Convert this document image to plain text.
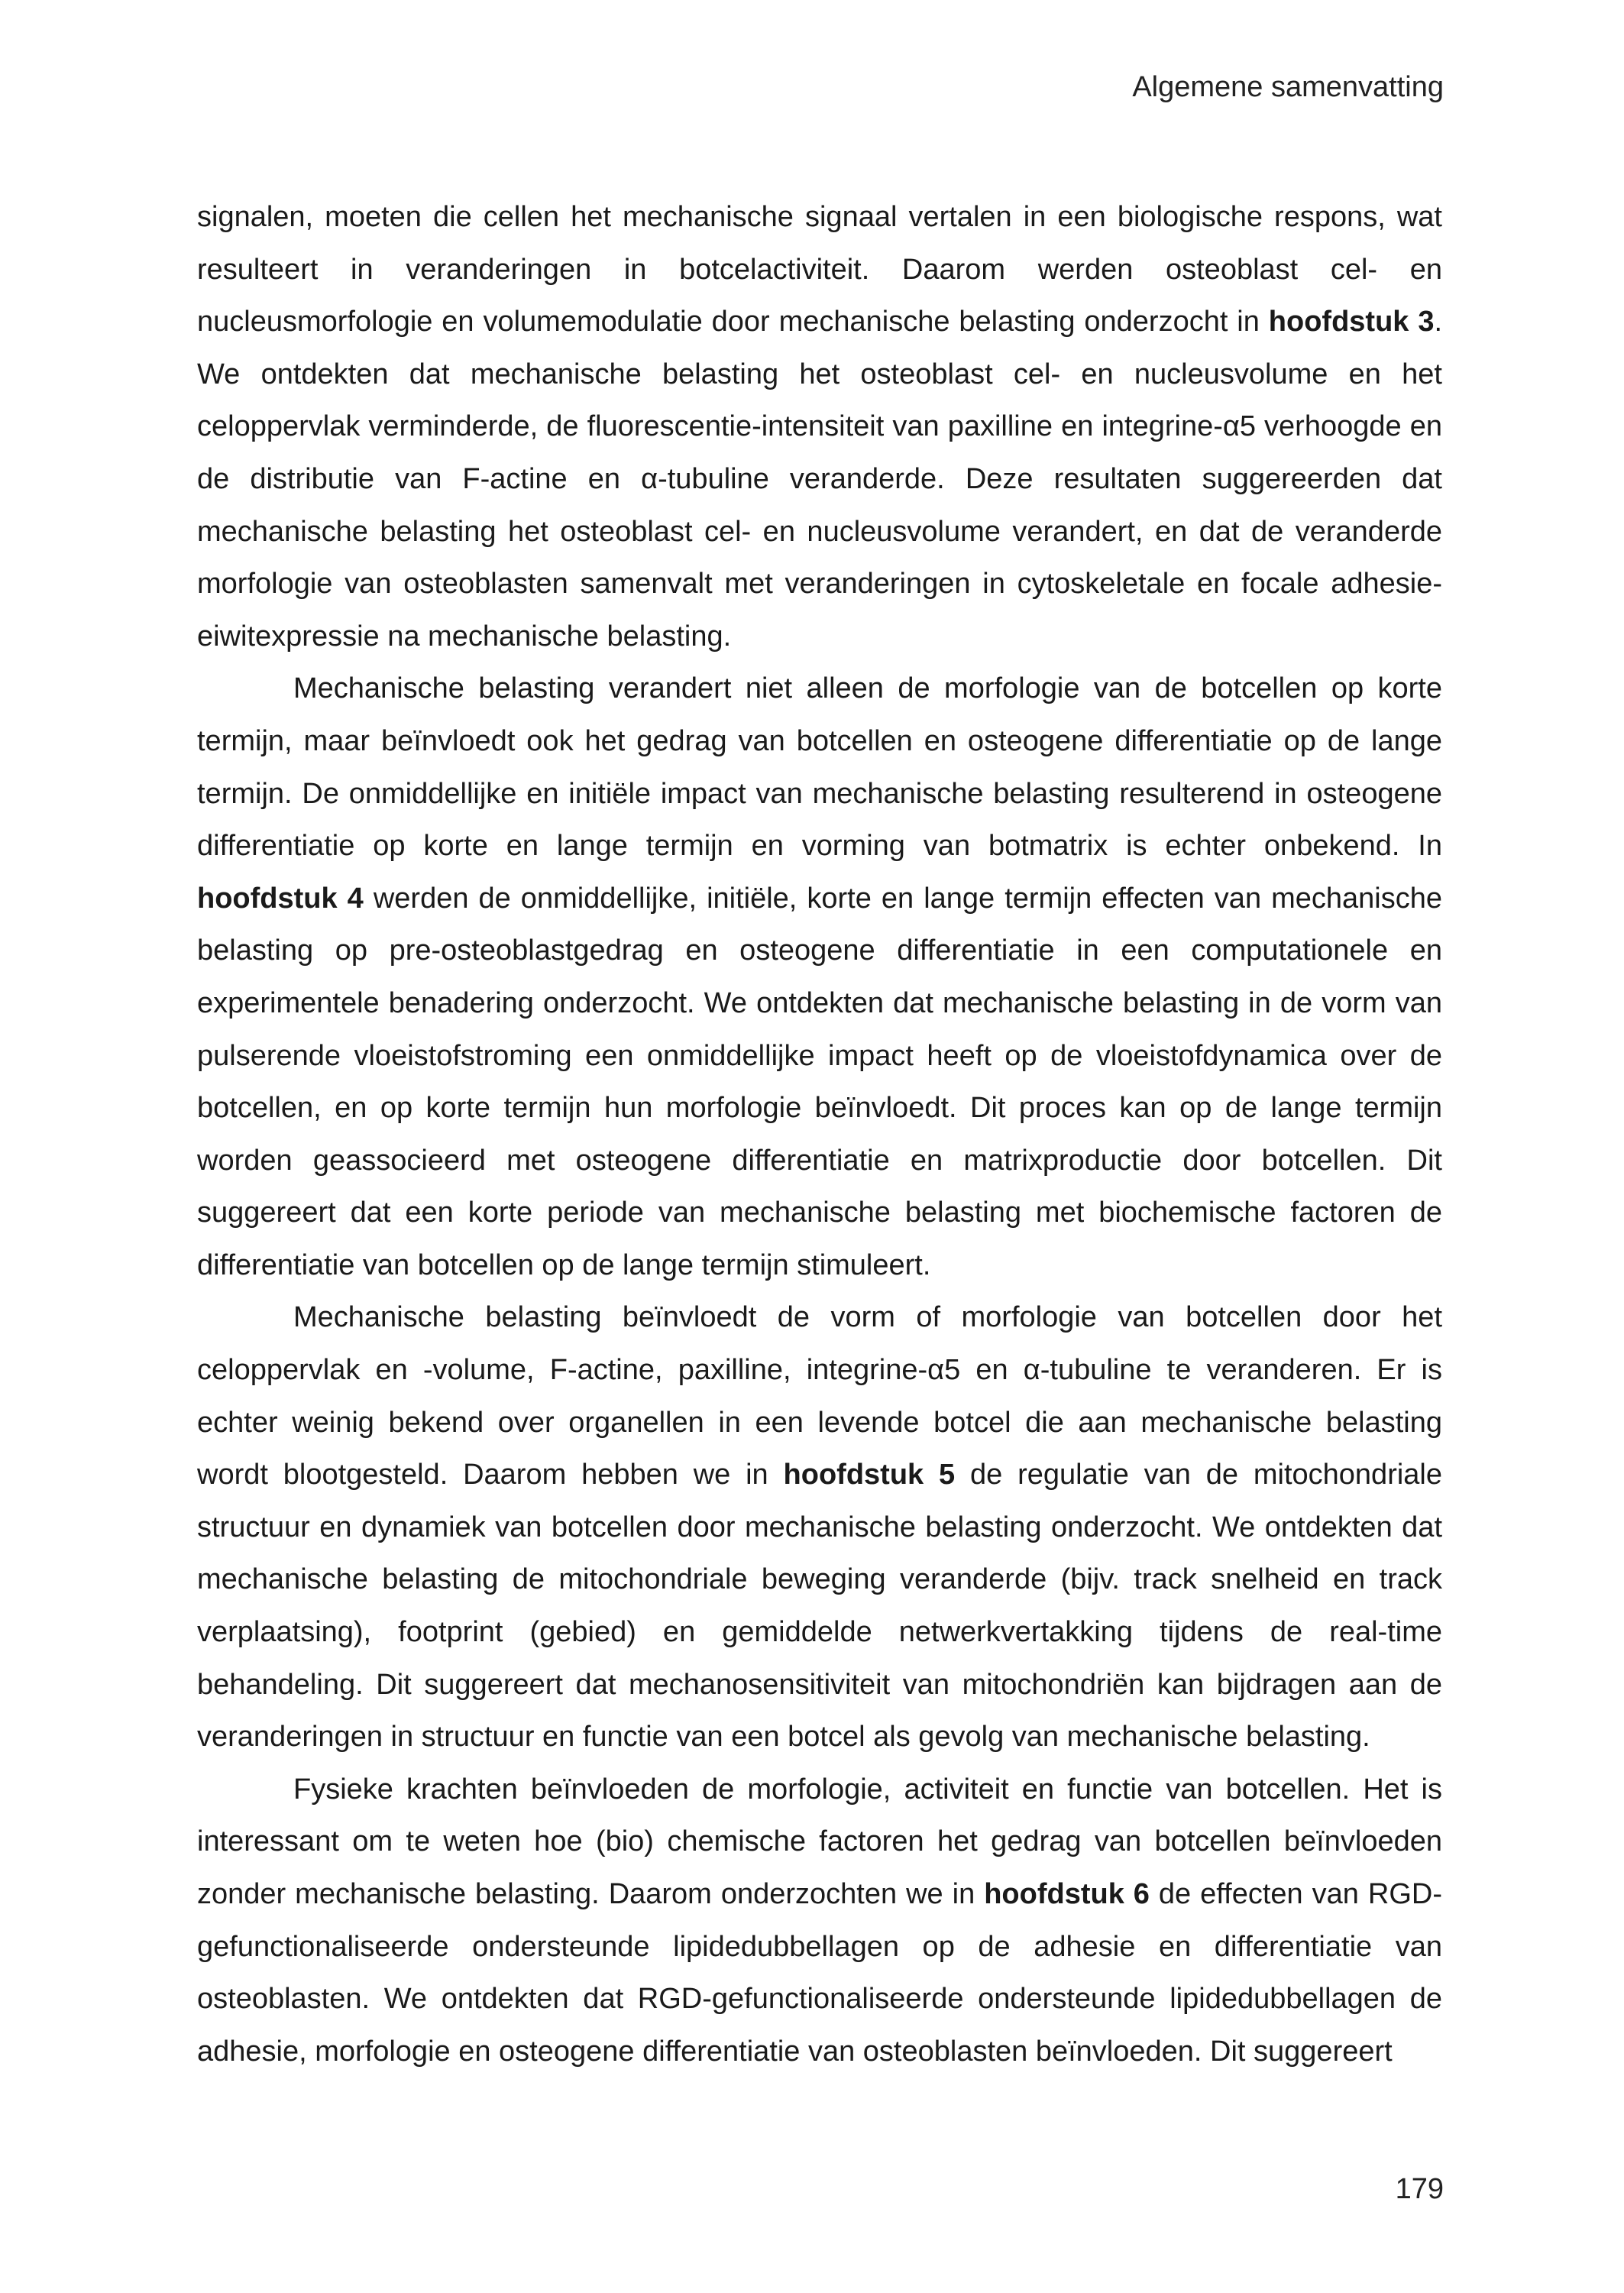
Algemene samenvatting

signalen, moeten die cellen het mechanische signaal vertalen in een biologische respons, wat resulteert in veranderingen in botcelactiviteit. Daarom werden osteoblast cel- en nucleusmorfologie en volumemodulatie door mechanische belasting onderzocht in hoofdstuk 3. We ontdekten dat mechanische belasting het osteoblast cel- en nucleusvolume en het celoppervlak verminderde, de fluorescentie-intensiteit van paxilline en integrine-α5 verhoogde en de distributie van F-actine en α-tubuline veranderde. Deze resultaten suggereerden dat mechanische belasting het osteoblast cel- en nucleusvolume verandert, en dat de veranderde morfologie van osteoblasten samenvalt met veranderingen in cytoskeletale en focale adhesie-eiwitexpressie na mechanische belasting.

Mechanische belasting verandert niet alleen de morfologie van de botcellen op korte termijn, maar beïnvloedt ook het gedrag van botcellen en osteogene differentiatie op de lange termijn. De onmiddellijke en initiële impact van mechanische belasting resulterend in osteogene differentiatie op korte en lange termijn en vorming van botmatrix is echter onbekend. In hoofdstuk 4 werden de onmiddellijke, initiële, korte en lange termijn effecten van mechanische belasting op pre-osteoblastgedrag en osteogene differentiatie in een computationele en experimentele benadering onderzocht. We ontdekten dat mechanische belasting in de vorm van pulserende vloeistofstroming een onmiddellijke impact heeft op de vloeistofdynamica over de botcellen, en op korte termijn hun morfologie beïnvloedt. Dit proces kan op de lange termijn worden geassocieerd met osteogene differentiatie en matrixproductie door botcellen. Dit suggereert dat een korte periode van mechanische belasting met biochemische factoren de differentiatie van botcellen op de lange termijn stimuleert.

Mechanische belasting beïnvloedt de vorm of morfologie van botcellen door het celoppervlak en -volume, F-actine, paxilline, integrine-α5 en α-tubuline te veranderen. Er is echter weinig bekend over organellen in een levende botcel die aan mechanische belasting wordt blootgesteld. Daarom hebben we in hoofdstuk 5 de regulatie van de mitochondriale structuur en dynamiek van botcellen door mechanische belasting onderzocht. We ontdekten dat mechanische belasting de mitochondriale beweging veranderde (bijv. track snelheid en track verplaatsing), footprint (gebied) en gemiddelde netwerkvertakking tijdens de real-time behandeling. Dit suggereert dat mechanosensitiviteit van mitochondriën kan bijdragen aan de veranderingen in structuur en functie van een botcel als gevolg van mechanische belasting.

Fysieke krachten beïnvloeden de morfologie, activiteit en functie van botcellen. Het is interessant om te weten hoe (bio) chemische factoren het gedrag van botcellen beïnvloeden zonder mechanische belasting. Daarom onderzochten we in hoofdstuk 6 de effecten van RGD-gefunctionaliseerde ondersteunde lipidedubbellagen op de adhesie en differentiatie van osteoblasten. We ontdekten dat RGD-gefunctionaliseerde ondersteunde lipidedubbellagen de adhesie, morfologie en osteogene differentiatie van osteoblasten beïnvloeden. Dit suggereert

179
